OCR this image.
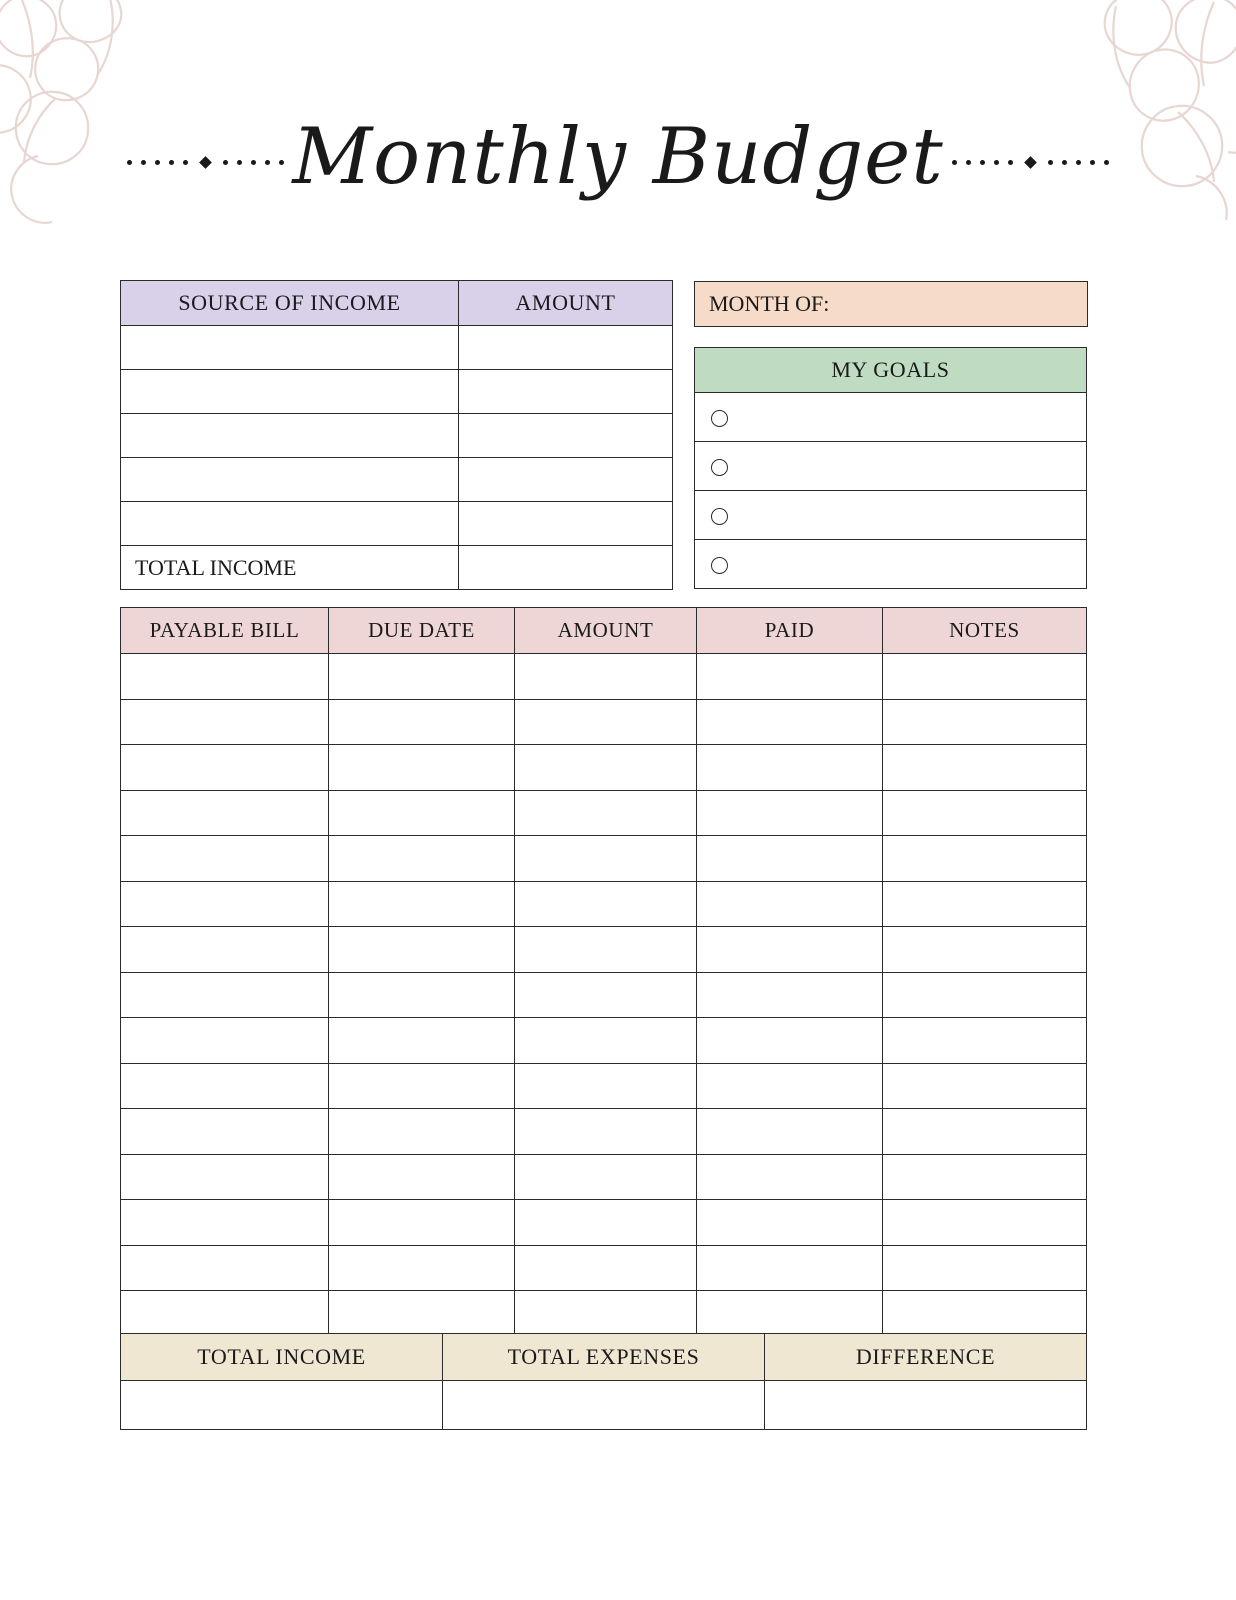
Monthly Budget
SOURCE OF INCOME	AMOUNT

TOTAL INCOME	
MONTH OF:
MY GOALS

PAYABLE BILL	DUE DATE	AMOUNT	PAID	NOTES

TOTAL INCOME	TOTAL EXPENSES	DIFFERENCE
